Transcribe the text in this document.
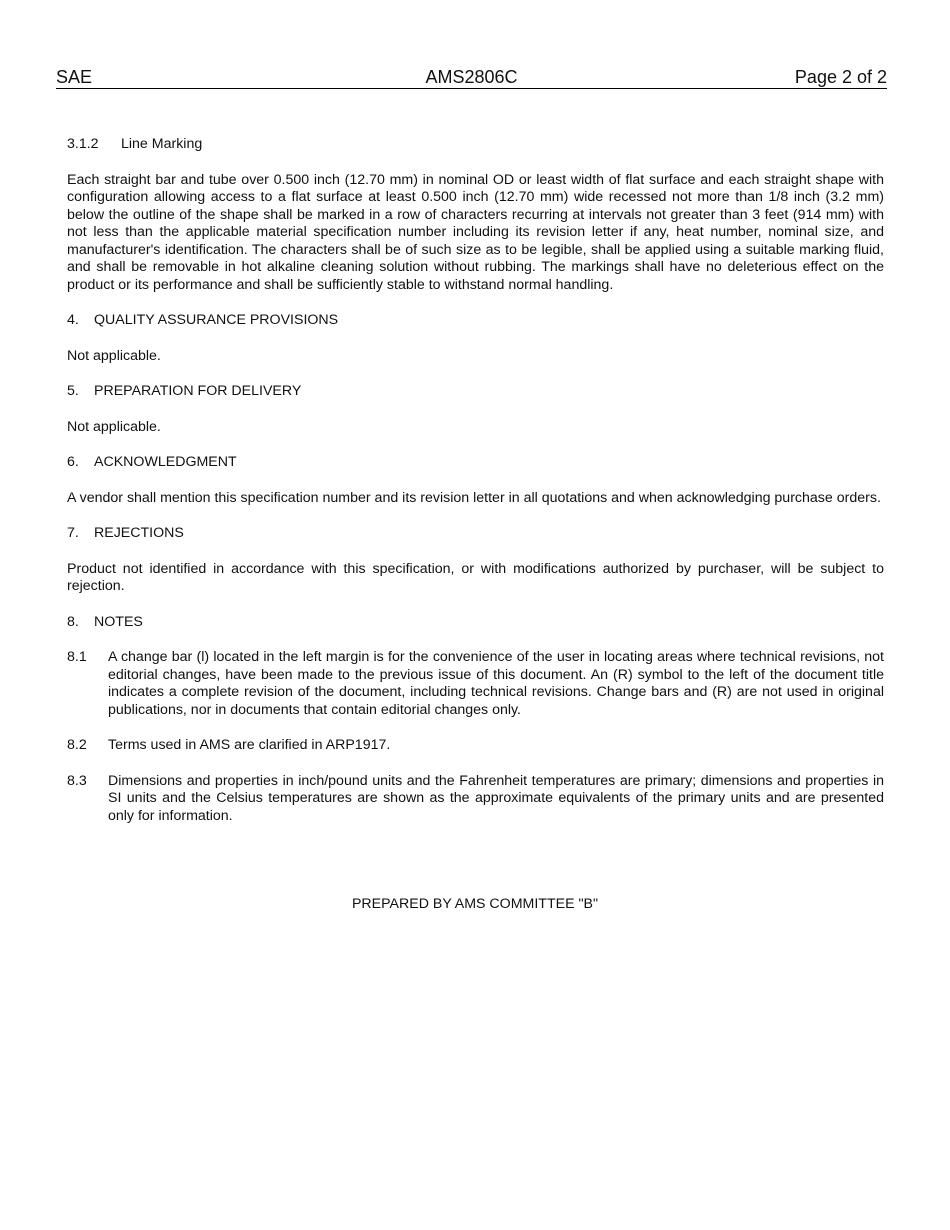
SAE	AMS2806C	Page 2 of 2

3.1.2 Line Marking

Each straight bar and tube over 0.500 inch (12.70 mm) in nominal OD or least width of flat surface and each straight shape with configuration allowing access to a flat surface at least 0.500 inch (12.70 mm) wide recessed not more than 1/8 inch (3.2 mm) below the outline of the shape shall be marked in a row of characters recurring at intervals not greater than 3 feet (914 mm) with not less than the applicable material specification number including its revision letter if any, heat number, nominal size, and manufacturer's identification. The characters shall be of such size as to be legible, shall be applied using a suitable marking fluid, and shall be removable in hot alkaline cleaning solution without rubbing. The markings shall have no deleterious effect on the product or its performance and shall be sufficiently stable to withstand normal handling.

4. QUALITY ASSURANCE PROVISIONS

Not applicable.

5. PREPARATION FOR DELIVERY

Not applicable.

6. ACKNOWLEDGMENT

A vendor shall mention this specification number and its revision letter in all quotations and when acknowledging purchase orders.

7. REJECTIONS

Product not identified in accordance with this specification, or with modifications authorized by purchaser, will be subject to rejection.

8. NOTES

8.1 A change bar (l) located in the left margin is for the convenience of the user in locating areas where technical revisions, not editorial changes, have been made to the previous issue of this document. An (R) symbol to the left of the document title indicates a complete revision of the document, including technical revisions. Change bars and (R) are not used in original publications, nor in documents that contain editorial changes only.
8.2 Terms used in AMS are clarified in ARP1917.
8.3 Dimensions and properties in inch/pound units and the Fahrenheit temperatures are primary; dimensions and properties in SI units and the Celsius temperatures are shown as the approximate equivalents of the primary units and are presented only for information.
PREPARED BY AMS COMMITTEE "B"
